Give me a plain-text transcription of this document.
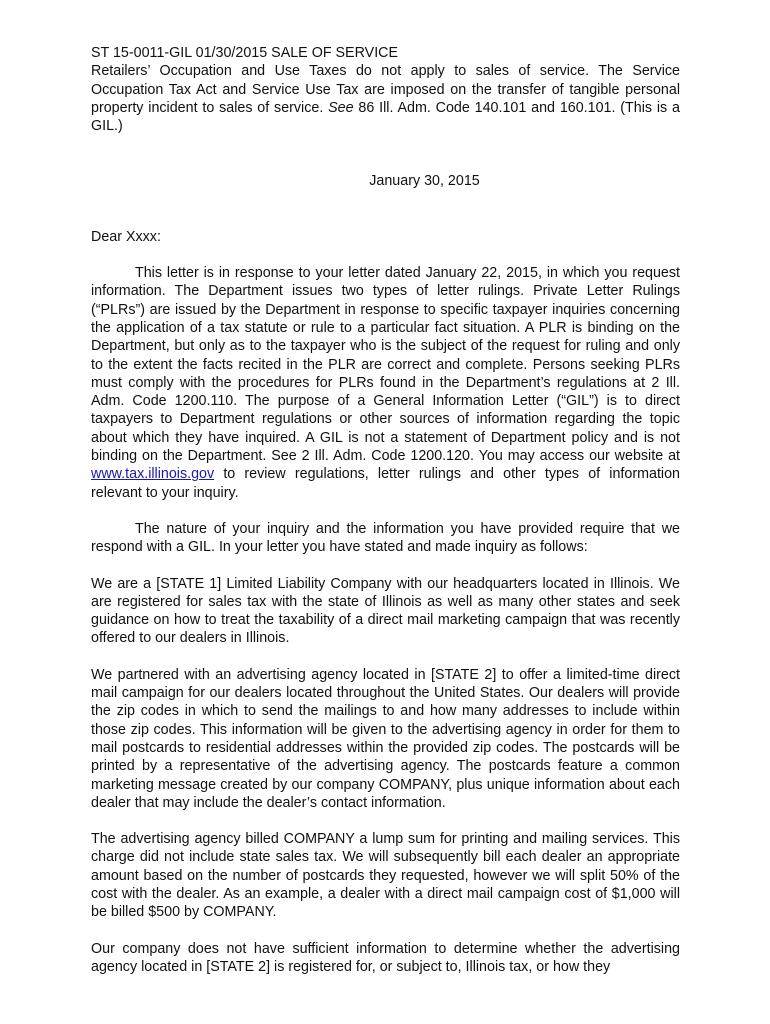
ST 15-0011-GIL 01/30/2015 SALE OF SERVICE

Retailers’ Occupation and Use Taxes do not apply to sales of service. The Service Occupation Tax Act and Service Use Tax are imposed on the transfer of tangible personal property incident to sales of service. See 86 Ill. Adm. Code 140.101 and 160.101. (This is a GIL.)

January 30, 2015

Dear Xxxx:

This letter is in response to your letter dated January 22, 2015, in which you request information. The Department issues two types of letter rulings. Private Letter Rulings (“PLRs”) are issued by the Department in response to specific taxpayer inquiries concerning the application of a tax statute or rule to a particular fact situation. A PLR is binding on the Department, but only as to the taxpayer who is the subject of the request for ruling and only to the extent the facts recited in the PLR are correct and complete. Persons seeking PLRs must comply with the procedures for PLRs found in the Department’s regulations at 2 Ill. Adm. Code 1200.110. The purpose of a General Information Letter (“GIL”) is to direct taxpayers to Department regulations or other sources of information regarding the topic about which they have inquired. A GIL is not a statement of Department policy and is not binding on the Department. See 2 Ill. Adm. Code 1200.120. You may access our website at www.tax.illinois.gov to review regulations, letter rulings and other types of information relevant to your inquiry.

The nature of your inquiry and the information you have provided require that we respond with a GIL. In your letter you have stated and made inquiry as follows:

We are a [STATE 1] Limited Liability Company with our headquarters located in Illinois. We are registered for sales tax with the state of Illinois as well as many other states and seek guidance on how to treat the taxability of a direct mail marketing campaign that was recently offered to our dealers in Illinois.

We partnered with an advertising agency located in [STATE 2] to offer a limited-time direct mail campaign for our dealers located throughout the United States. Our dealers will provide the zip codes in which to send the mailings to and how many addresses to include within those zip codes. This information will be given to the advertising agency in order for them to mail postcards to residential addresses within the provided zip codes. The postcards will be printed by a representative of the advertising agency. The postcards feature a common marketing message created by our company COMPANY, plus unique information about each dealer that may include the dealer’s contact information.

The advertising agency billed COMPANY a lump sum for printing and mailing services. This charge did not include state sales tax. We will subsequently bill each dealer an appropriate amount based on the number of postcards they requested, however we will split 50% of the cost with the dealer. As an example, a dealer with a direct mail campaign cost of $1,000 will be billed $500 by COMPANY.

Our company does not have sufficient information to determine whether the advertising agency located in [STATE 2] is registered for, or subject to, Illinois tax, or how they
